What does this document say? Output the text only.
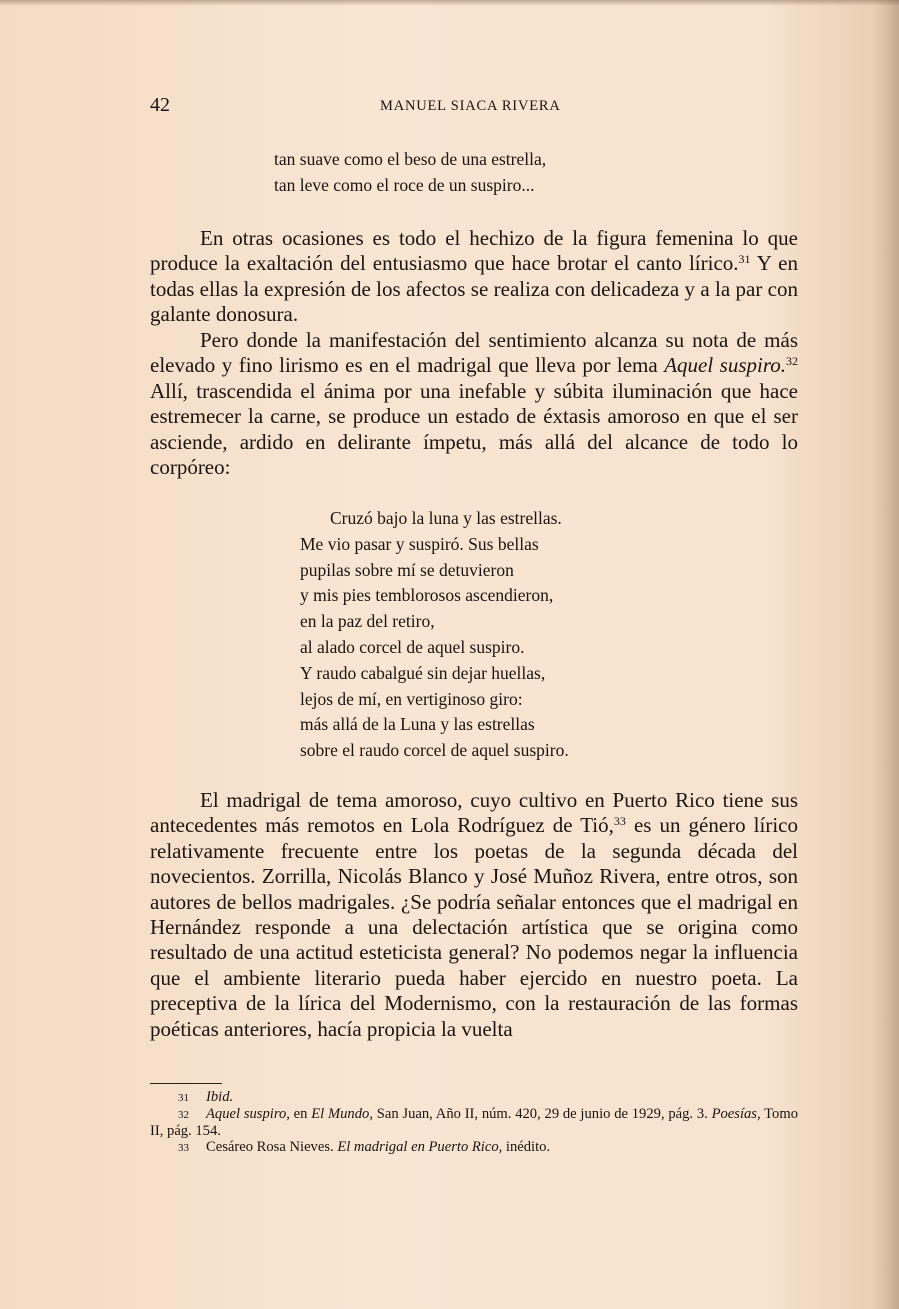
42	MANUEL SIACA RIVERA
tan suave como el beso de una estrella,
tan leve como el roce de un suspiro...

En otras ocasiones es todo el hechizo de la figura femenina lo que produce la exaltación del entusiasmo que hace brotar el canto lírico.$^{31}$ Y en todas ellas la expresión de los afectos se realiza con delicadeza y a la par con galante donosura.

Pero donde la manifestación del sentimiento alcanza su nota de más elevado y fino lirismo es en el madrigal que lleva por lema Aquel suspiro.$^{32}$ Allí, trascendida el ánima por una inefable y súbita iluminación que hace estremecer la carne, se produce un estado de éxtasis amoroso en que el ser asciende, ardido en delirante ímpetu, más allá del alcance de todo lo corpóreo:

Cruzó bajo la luna y las estrellas.
Me vio pasar y suspiró. Sus bellas
pupilas sobre mí se detuvieron
y mis pies temblorosos ascendieron,
en la paz del retiro,
al alado corcel de aquel suspiro.
Y raudo cabalgué sin dejar huellas,
lejos de mí, en vertiginoso giro:
más allá de la Luna y las estrellas
sobre el raudo corcel de aquel suspiro.

El madrigal de tema amoroso, cuyo cultivo en Puerto Rico tiene sus antecedentes más remotos en Lola Rodríguez de Tió,$^{33}$ es un género lírico relativamente frecuente entre los poetas de la segunda década del novecientos. Zorrilla, Nicolás Blanco y José Muñoz Rivera, entre otros, son autores de bellos madrigales. ¿Se podría señalar entonces que el madrigal en Hernández responde a una delectación artística que se origina como resultado de una actitud esteticista general? No podemos negar la influencia que el ambiente literario pueda haber ejercido en nuestro poeta. La preceptiva de la lírica del Modernismo, con la restauración de las formas poéticas anteriores, hacía propicia la vuelta

31 Ibid.
32 Aquel suspiro, en El Mundo, San Juan, Año II, núm. 420, 29 de junio de 1929, pág. 3. Poesías, Tomo II, pág. 154.
33 Cesáreo Rosa Nieves. El madrigal en Puerto Rico, inédito.
